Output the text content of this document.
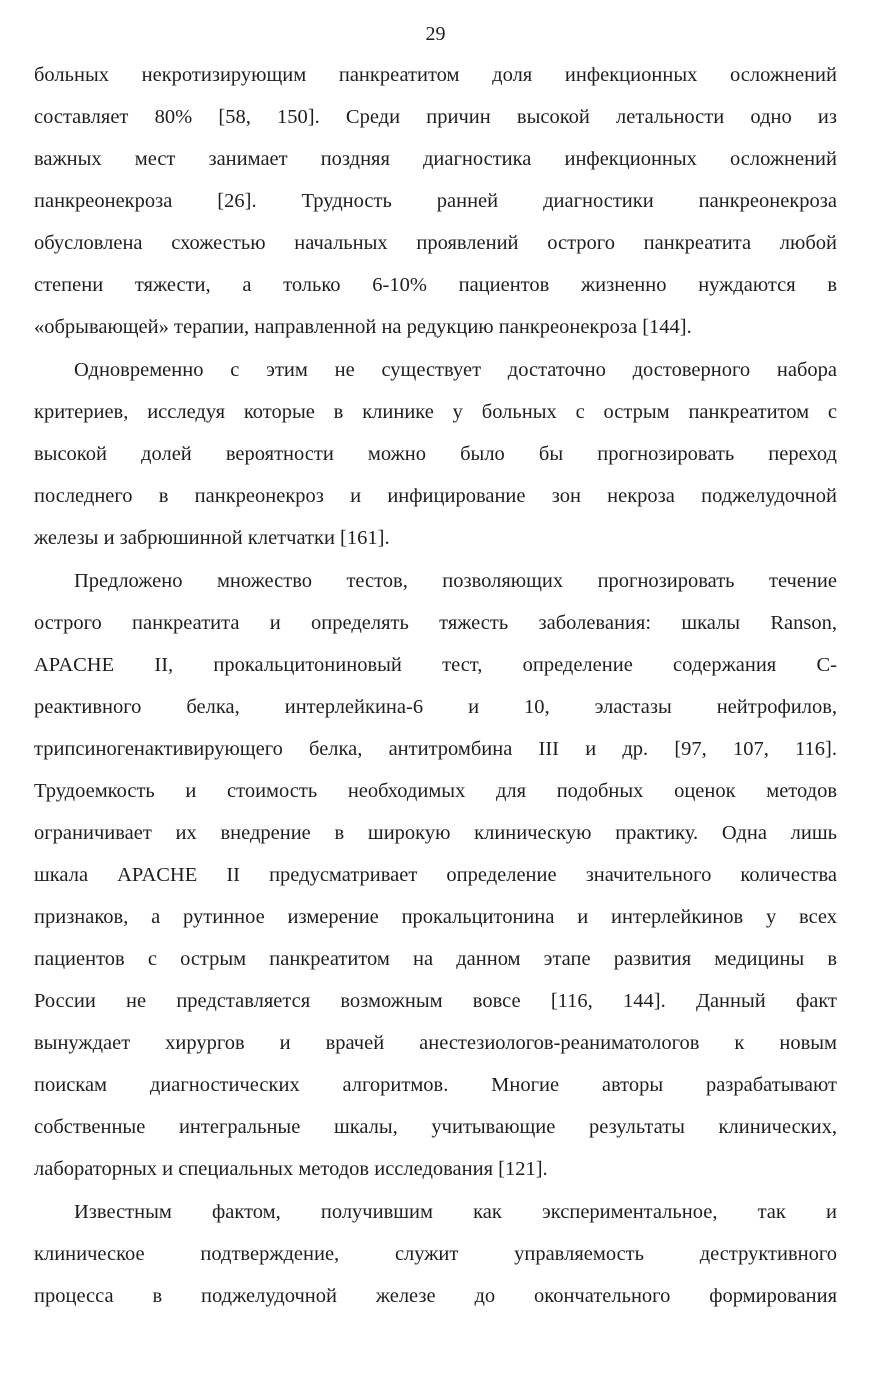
29
больных некротизирующим панкреатитом доля инфекционных осложнений
составляет 80% [58, 150]. Среди причин высокой летальности одно из
важных мест занимает поздняя диагностика инфекционных осложнений
панкреонекроза [26]. Трудность ранней диагностики панкреонекроза
обусловлена схожестью начальных проявлений острого панкреатита любой
степени тяжести, а только 6-10% пациентов жизненно нуждаются в
«обрывающей» терапии, направленной на редукцию панкреонекроза [144].
Одновременно с этим не существует достаточно достоверного набора
критериев, исследуя которые в клинике у больных с острым панкреатитом с
высокой долей вероятности можно было бы прогнозировать переход
последнего в панкреонекроз и инфицирование зон некроза поджелудочной
железы и забрюшинной клетчатки [161].
Предложено множество тестов, позволяющих прогнозировать течение
острого панкреатита и определять тяжесть заболевания: шкалы Ranson,
APACHE II, прокальцитониновый тест, определение содержания С-
реактивного белка, интерлейкина-6 и 10, эластазы нейтрофилов,
трипсиногенактивирующего белка, антитромбина III и др. [97, 107, 116].
Трудоемкость и стоимость необходимых для подобных оценок методов
ограничивает их внедрение в широкую клиническую практику. Одна лишь
шкала APACHE II предусматривает определение значительного количества
признаков, а рутинное измерение прокальцитонина и интерлейкинов у всех
пациентов с острым панкреатитом на данном этапе развития медицины в
России не представляется возможным вовсе [116, 144]. Данный факт
вынуждает хирургов и врачей анестезиологов-реаниматологов к новым
поискам диагностических алгоритмов. Многие авторы разрабатывают
собственные интегральные шкалы, учитывающие результаты клинических,
лабораторных и специальных методов исследования [121].
Известным фактом, получившим как экспериментальное, так и
клиническое подтверждение, служит управляемость деструктивного
процесса в поджелудочной железе до окончательного формирования
